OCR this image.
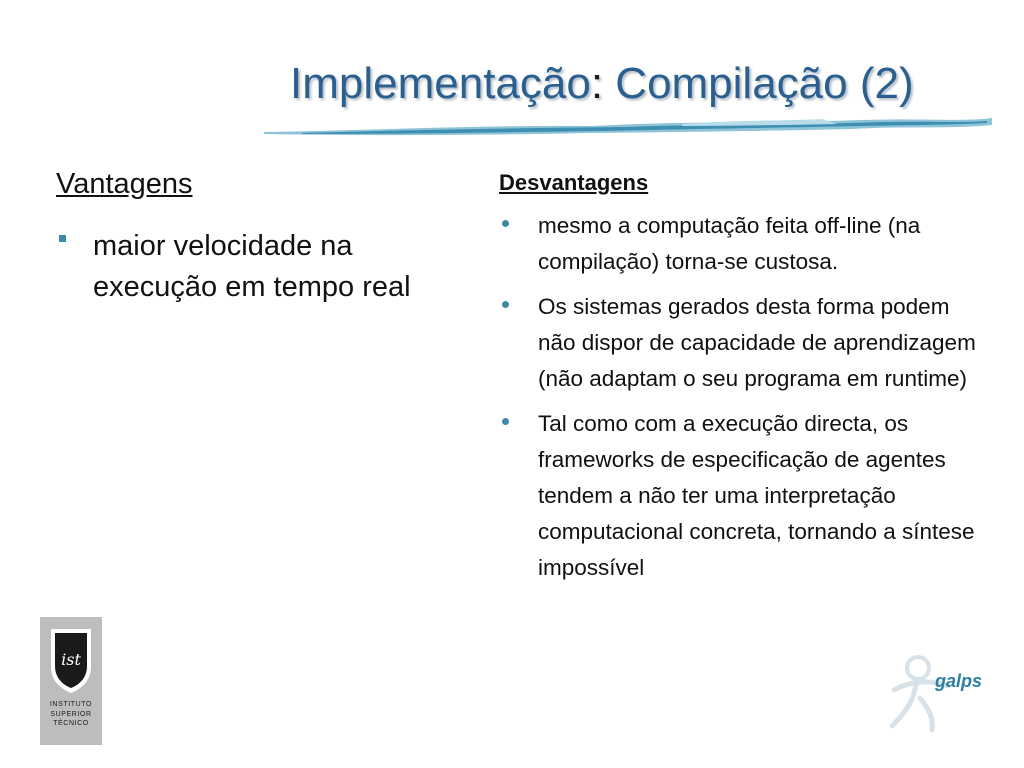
Implementação: Compilação (2)
Vantagens
maior velocidade na execução em tempo real
Desvantagens
mesmo a computação feita off-line (na compilação) torna-se custosa.
Os sistemas gerados desta forma podem não dispor de capacidade de aprendizagem (não adaptam o seu programa em runtime)
Tal como com a execução directa, os frameworks de especificação de agentes tendem a não ter uma interpretação computacional concreta, tornando a síntese impossível
ist
INSTITUTO
SUPERIOR
TÉCNICO
galps
